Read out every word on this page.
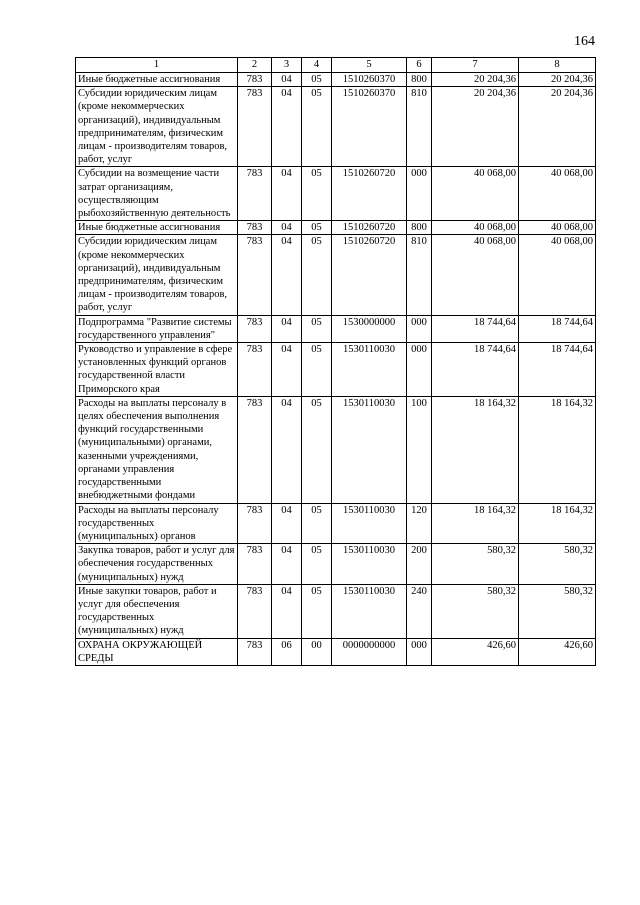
164
1	2	3	4	5	6	7	8
Иные бюджетные ассигнования	783	04	05	1510260370	800	20 204,36	20 204,36
Субсидии юридическим лицам (кроме некоммерческих организаций), индивидуальным предпринимателям, физическим лицам - производителям товаров, работ, услуг	783	04	05	1510260370	810	20 204,36	20 204,36
Субсидии на возмещение части затрат организациям, осуществляющим рыбохозяйственную деятельность	783	04	05	1510260720	000	40 068,00	40 068,00
Иные бюджетные ассигнования	783	04	05	1510260720	800	40 068,00	40 068,00
Субсидии юридическим лицам (кроме некоммерческих организаций), индивидуальным предпринимателям, физическим лицам - производителям товаров, работ, услуг	783	04	05	1510260720	810	40 068,00	40 068,00
Подпрограмма "Развитие системы государственного управления"	783	04	05	1530000000	000	18 744,64	18 744,64
Руководство и управление в сфере установленных функций органов государственной власти Приморского края	783	04	05	1530110030	000	18 744,64	18 744,64
Расходы на выплаты персоналу в целях обеспечения выполнения функций государственными (муниципальными) органами, казенными учреждениями, органами управления государственными внебюджетными фондами	783	04	05	1530110030	100	18 164,32	18 164,32
Расходы на выплаты персоналу государственных (муниципальных) органов	783	04	05	1530110030	120	18 164,32	18 164,32
Закупка товаров, работ и услуг для обеспечения государственных (муниципальных) нужд	783	04	05	1530110030	200	580,32	580,32
Иные закупки товаров, работ и услуг для обеспечения государственных (муниципальных) нужд	783	04	05	1530110030	240	580,32	580,32
ОХРАНА ОКРУЖАЮЩЕЙ СРЕДЫ	783	06	00	0000000000	000	426,60	426,60
